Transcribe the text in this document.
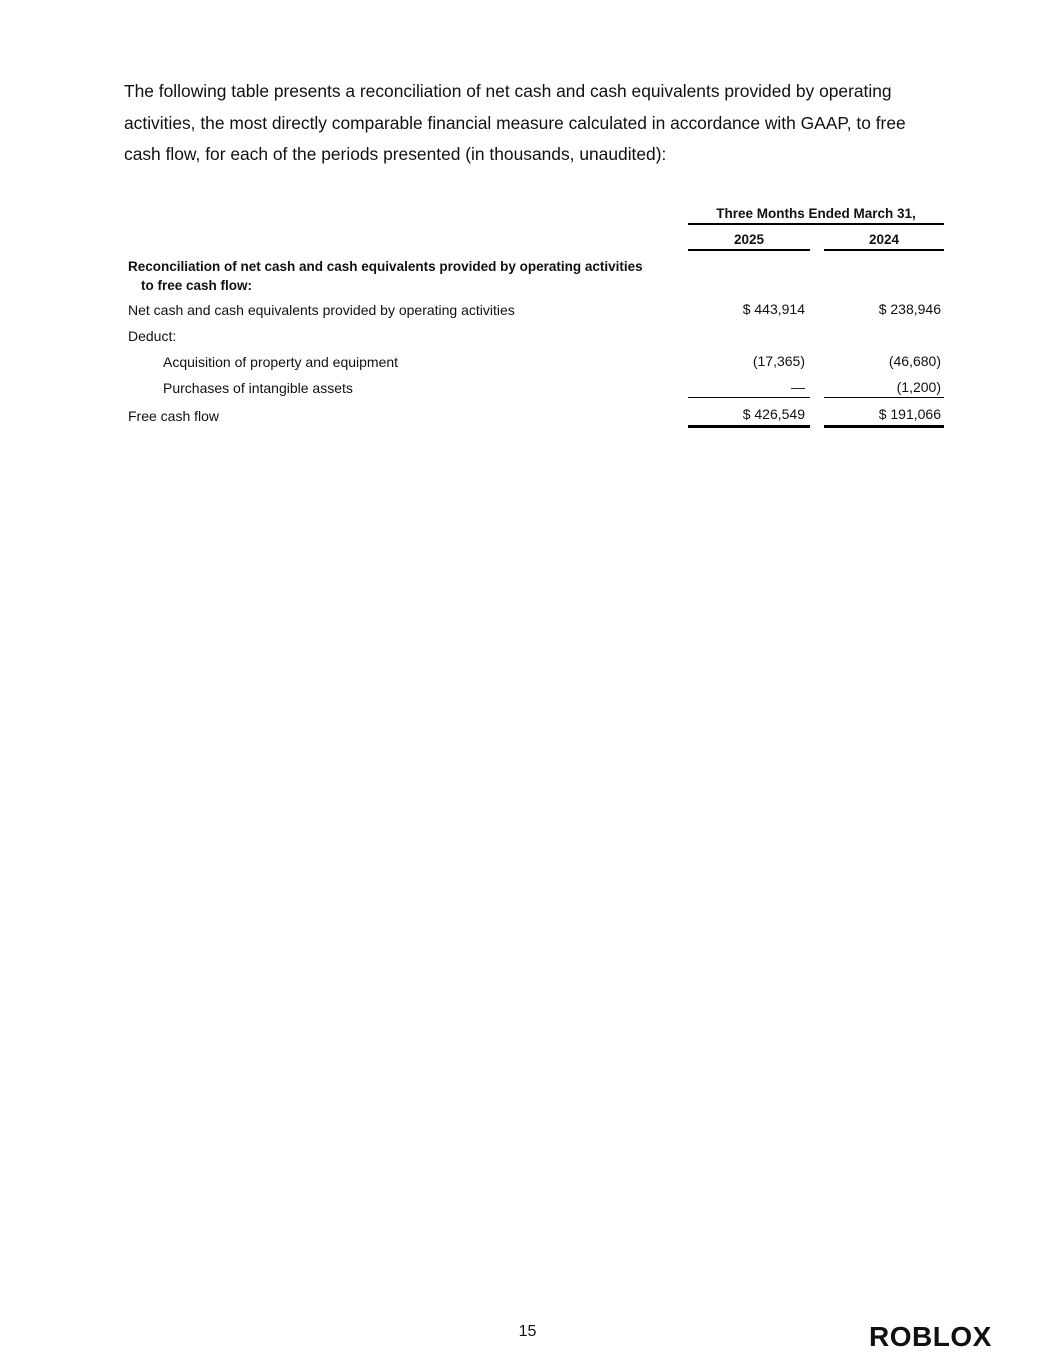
The following table presents a reconciliation of net cash and cash equivalents provided by operating activities, the most directly comparable financial measure calculated in accordance with GAAP, to free cash flow, for each of the periods presented (in thousands, unaudited):

Three Months Ended March 31,
2025	2024
Reconciliation of net cash and cash equivalents provided by operating activities
to free cash flow:
Net cash and cash equivalents provided by operating activities	$ 443,914	$ 238,946
Deduct:
Acquisition of property and equipment	(17,365)	(46,680)
Purchases of intangible assets	—	(1,200)
Free cash flow	$ 426,549	$ 191,066
15	ROBLOX
